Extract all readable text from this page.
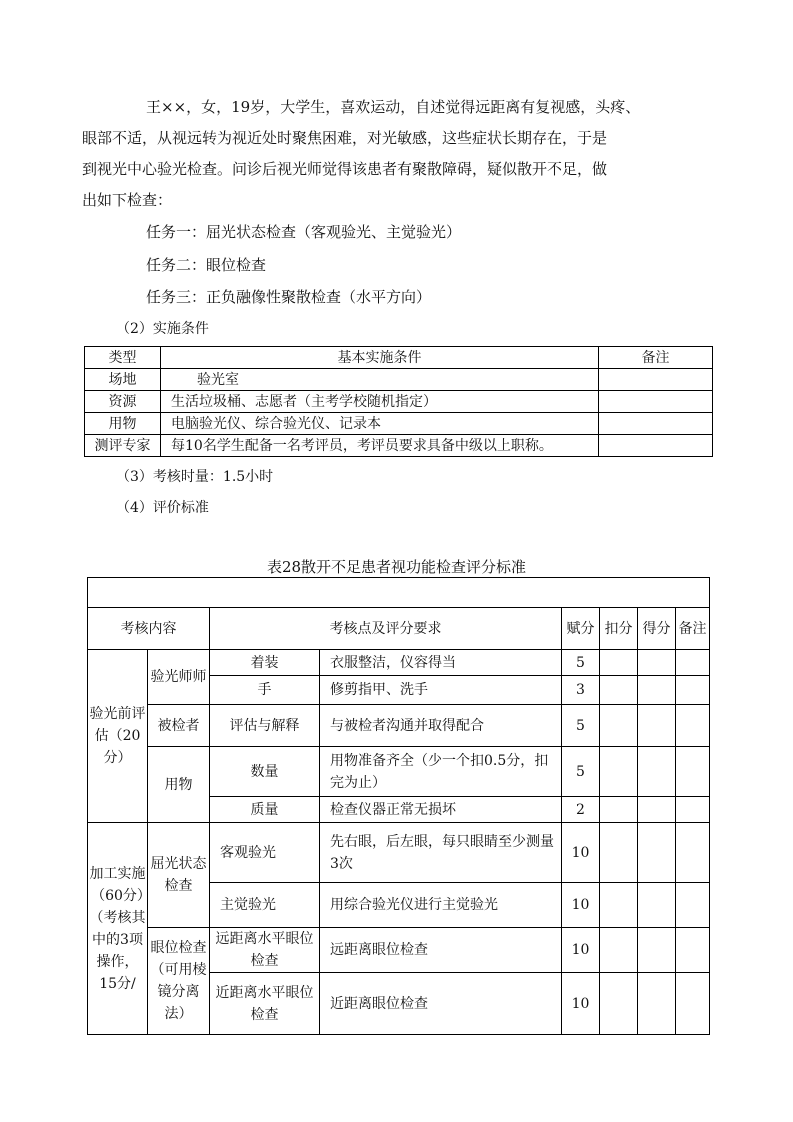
王××，女，19岁，大学生，喜欢运动，自述觉得远距离有复视感，头疼、

眼部不适，从视远转为视近处时聚焦困难，对光敏感，这些症状长期存在，于是

到视光中心验光检查。问诊后视光师觉得该患者有聚散障碍，疑似散开不足，做

出如下检查：

任务一：屈光状态检查（客观验光、主觉验光）
任务二：眼位检查
任务三：正负融像性聚散检查（水平方向）
（2）实施条件
类型	基本实施条件	备注
场地	验光室	
资源	生活垃圾桶、志愿者（主考学校随机指定）	
用物	电脑验光仪、综合验光仪、记录本	
测评专家	每10名学生配备一名考评员，考评员要求具备中级以上职称。	
（3）考核时量：1.5小时
（4）评价标准
表28散开不足患者视功能检查评分标准

考核内容		考核点及评分要求		赋分	扣分	得分	备注
验光前评估（20分）	验光师师	着装	衣服整洁，仪容得当	5			
		手	修剪指甲、洗手	3			
	被检者	评估与解释	与被检者沟通并取得配合	5			
	用物	数量	用物准备齐全（少一个扣0.5分，扣完为止）	5			
		质量	检查仪器正常无损坏	2			
加工实施（60分）（考核其中的3项操作，15分/	屈光状态检查	客观验光	先右眼，后左眼，每只眼睛至少测量3次	10			
		主觉验光	用综合验光仪进行主觉验光	10			
	眼位检查（可用棱镜分离法）	远距离水平眼位检查	远距离眼位检查	10			
		近距离水平眼位检查	近距离眼位检查	10			
